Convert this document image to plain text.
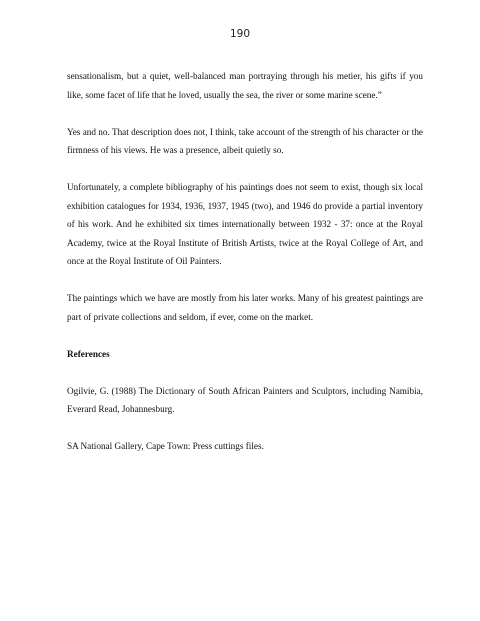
190

sensationalism, but a quiet, well-balanced man portraying through his metier, his gifts if you like, some facet of life that he loved, usually the sea, the river or some marine scene.”

Yes and no. That description does not, I think, take account of the strength of his character or the firmness of his views. He was a presence, albeit quietly so.

Unfortunately, a complete bibliography of his paintings does not seem to exist, though six local exhibition catalogues for 1934, 1936, 1937, 1945 (two), and 1946 do provide a partial inventory of his work. And he exhibited six times internationally between 1932 - 37: once at the Royal Academy, twice at the Royal Institute of British Artists, twice at the Royal College of Art, and once at the Royal Institute of Oil Painters.

The paintings which we have are mostly from his later works. Many of his greatest paintings are part of private collections and seldom, if ever, come on the market.

References

Ogilvie, G. (1988) The Dictionary of South African Painters and Sculptors, including Namibia, Everard Read, Johannesburg.

SA National Gallery, Cape Town: Press cuttings files.
